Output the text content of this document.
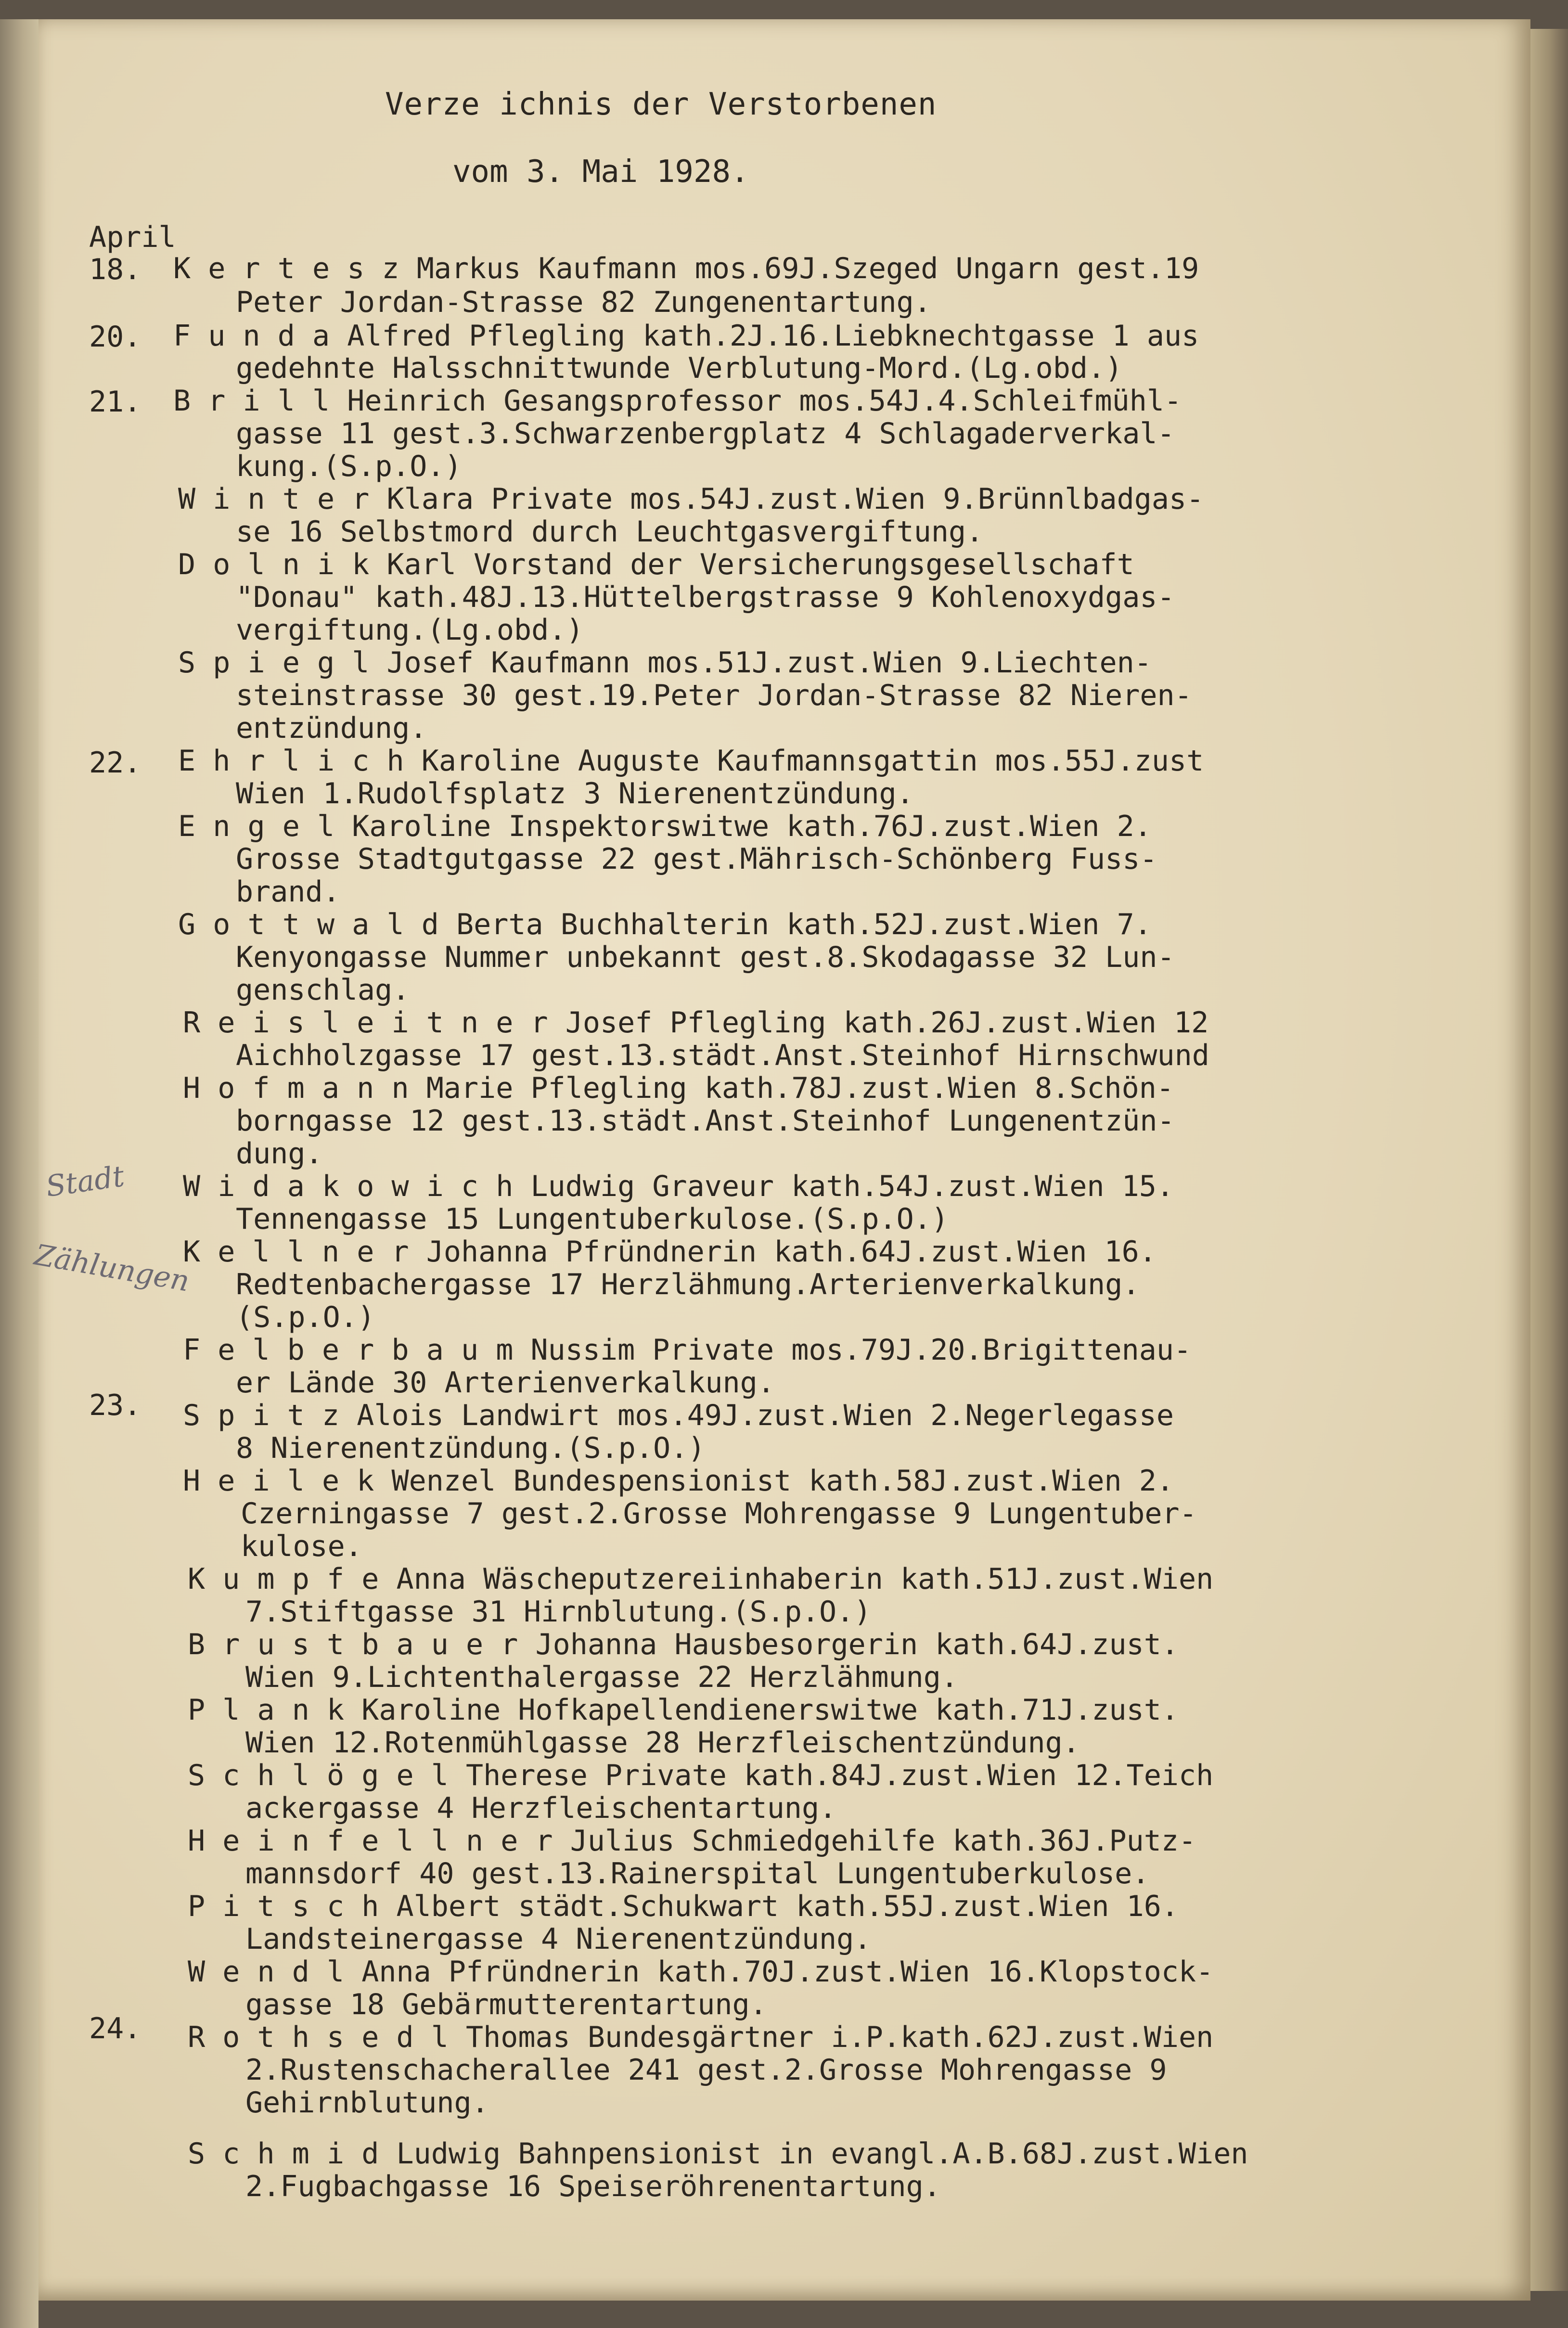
Verze ichnis der Verstorbenen
vom 3. Mai 1928.
April
18.
20.
21.
22.
23.
24.
K e r t e s z Markus Kaufmann mos.69J.Szeged Ungarn gest.19
Peter Jordan-Strasse 82 Zungenentartung.
F u n d a Alfred Pflegling kath.2J.16.Liebknechtgasse 1 aus
gedehnte Halsschnittwunde Verblutung-Mord.(Lg.obd.)
B r i l l Heinrich Gesangsprofessor mos.54J.4.Schleifmühl-
gasse 11 gest.3.Schwarzenbergplatz 4 Schlagaderverkal-
kung.(S.p.O.)
W i n t e r Klara Private mos.54J.zust.Wien 9.Brünnlbadgas-
se 16 Selbstmord durch Leuchtgasvergiftung.
D o l n i k Karl Vorstand der Versicherungsgesellschaft
"Donau" kath.48J.13.Hüttelbergstrasse 9 Kohlenoxydgas-
vergiftung.(Lg.obd.)
S p i e g l Josef Kaufmann mos.51J.zust.Wien 9.Liechten-
steinstrasse 30 gest.19.Peter Jordan-Strasse 82 Nieren-
entzündung.
E h r l i c h Karoline Auguste Kaufmannsgattin mos.55J.zust
Wien 1.Rudolfsplatz 3 Nierenentzündung.
E n g e l Karoline Inspektorswitwe kath.76J.zust.Wien 2.
Grosse Stadtgutgasse 22 gest.Mährisch-Schönberg Fuss-
brand.
G o t t w a l d Berta Buchhalterin kath.52J.zust.Wien 7.
Kenyongasse Nummer unbekannt gest.8.Skodagasse 32 Lun-
genschlag.
R e i s l e i t n e r Josef Pflegling kath.26J.zust.Wien 12
Aichholzgasse 17 gest.13.städt.Anst.Steinhof Hirnschwund
H o f m a n n Marie Pflegling kath.78J.zust.Wien 8.Schön-
borngasse 12 gest.13.städt.Anst.Steinhof Lungenentzün-
dung.
W i d a k o w i c h Ludwig Graveur kath.54J.zust.Wien 15.
Tennengasse 15 Lungentuberkulose.(S.p.O.)
K e l l n e r Johanna Pfründnerin kath.64J.zust.Wien 16.
Redtenbachergasse 17 Herzlähmung.Arterienverkalkung.
(S.p.O.)
F e l b e r b a u m Nussim Private mos.79J.20.Brigittenau-
er Lände 30 Arterienverkalkung.
S p i t z Alois Landwirt mos.49J.zust.Wien 2.Negerlegasse
8 Nierenentzündung.(S.p.O.)
H e i l e k Wenzel Bundespensionist kath.58J.zust.Wien 2.
Czerningasse 7 gest.2.Grosse Mohrengasse 9 Lungentuber-
kulose.
K u m p f e Anna Wäscheputzereiinhaberin kath.51J.zust.Wien
7.Stiftgasse 31 Hirnblutung.(S.p.O.)
B r u s t b a u e r Johanna Hausbesorgerin kath.64J.zust.
Wien 9.Lichtenthalergasse 22 Herzlähmung.
P l a n k Karoline Hofkapellendienerswitwe kath.71J.zust.
Wien 12.Rotenmühlgasse 28 Herzfleischentzündung.
S c h l ö g e l Therese Private kath.84J.zust.Wien 12.Teich
ackergasse 4 Herzfleischentartung.
H e i n f e l l n e r Julius Schmiedgehilfe kath.36J.Putz-
mannsdorf 40 gest.13.Rainerspital Lungentuberkulose.
P i t s c h Albert städt.Schukwart kath.55J.zust.Wien 16.
Landsteinergasse 4 Nierenentzündung.
W e n d l Anna Pfründnerin kath.70J.zust.Wien 16.Klopstock-
gasse 18 Gebärmutterentartung.
R o t h s e d l Thomas Bundesgärtner i.P.kath.62J.zust.Wien
2.Rustenschacherallee 241 gest.2.Grosse Mohrengasse 9
Gehirnblutung.
S c h m i d Ludwig Bahnpensionist in evangl.A.B.68J.zust.Wien
2.Fugbachgasse 16 Speiseröhrenentartung.
Stadt
Zählungen
